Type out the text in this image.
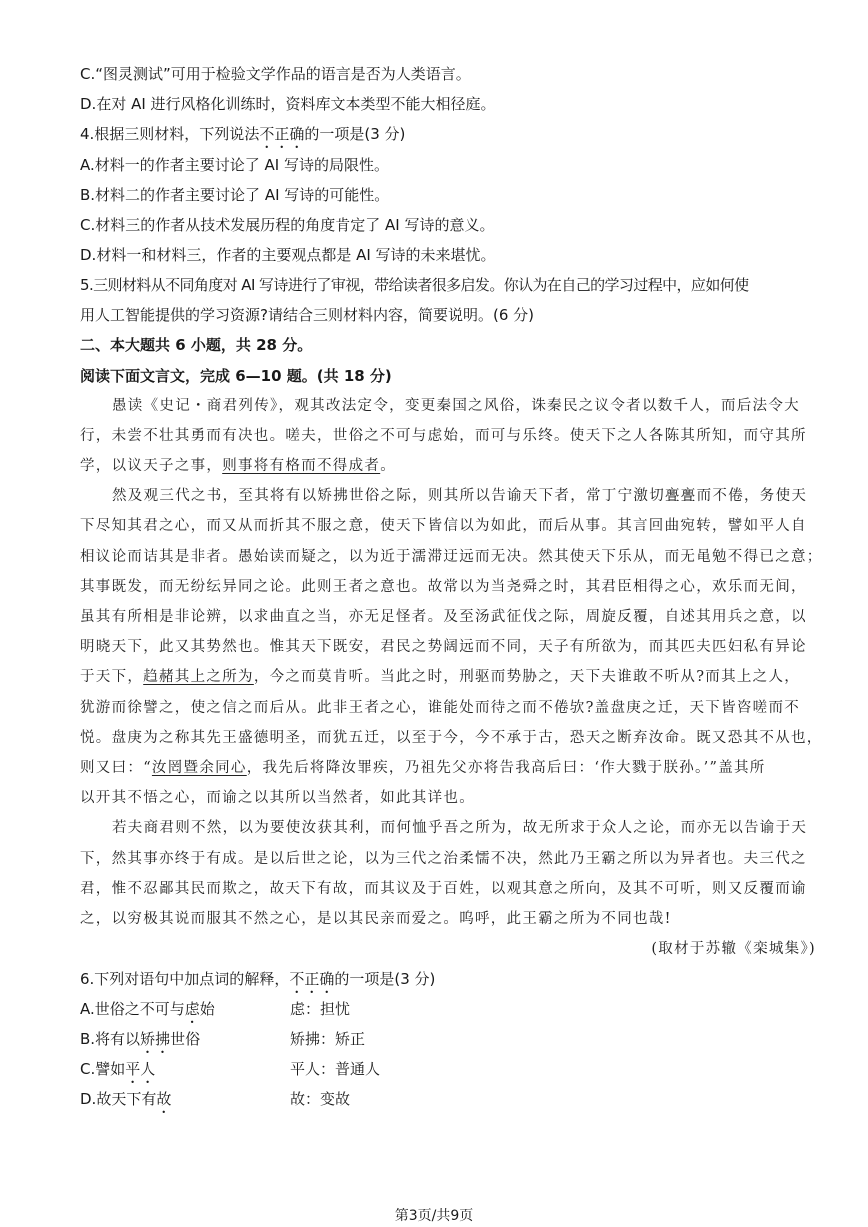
C.“图灵测试”可用于检验文学作品的语言是否为人类语言。
D.在对 AI 进行风格化训练时，资料库文本类型不能大相径庭。
4.根据三则材料，下列说法不正确的一项是(3 分)
A.材料一的作者主要讨论了 AI 写诗的局限性。
B.材料二的作者主要讨论了 AI 写诗的可能性。
C.材料三的作者从技术发展历程的角度肯定了 AI 写诗的意义。
D.材料一和材料三，作者的主要观点都是 AI 写诗的未来堪忧。
5.三则材料从不同角度对 AI 写诗进行了审视，带给读者很多启发。你认为在自己的学习过程中，应如何使
用人工智能提供的学习资源?请结合三则材料内容，简要说明。(6 分)
二、本大题共 6 小题，共 28 分。
阅读下面文言文，完成 6—10 题。(共 18 分)
愚读《史记・商君列传》，观其改法定令，变更秦国之风俗，诛秦民之议令者以数千人，而后法令大
行，未尝不壮其勇而有决也。嗟夫，世俗之不可与虑始，而可与乐终。使天下之人各陈其所知，而守其所
学，以议天子之事，则事将有格而不得成者。
然及观三代之书，至其将有以矫拂世俗之际，则其所以告谕天下者，常丁宁激切亹亹而不倦，务使天
下尽知其君之心，而又从而折其不服之意，使天下皆信以为如此，而后从事。其言回曲宛转，譬如平人自
相议论而诘其是非者。愚始读而疑之，以为近于濡滞迂远而无决。然其使天下乐从，而无黾勉不得已之意；
其事既发，而无纷纭异同之论。此则王者之意也。故常以为当尧舜之时，其君臣相得之心，欢乐而无间，
虽其有所相是非论辨，以求曲直之当，亦无足怪者。及至汤武征伐之际，周旋反覆，自述其用兵之意，以
明晓天下，此又其势然也。惟其天下既安，君民之势阔远而不同，天子有所欲为，而其匹夫匹妇私有异论
于天下，趋赭其上之所为，今之而莫肯听。当此之时，刑驱而势胁之，天下夫谁敢不听从?而其上之人，
犹游而徐譬之，使之信之而后从。此非王者之心，谁能处而待之而不倦欤?盖盘庚之迁，天下皆咨嗟而不
悦。盘庚为之称其先王盛德明圣，而犹五迁，以至于今，今不承于古，恐天之断弃汝命。既又恐其不从也，
则又曰：“汝罔暨余同心，我先后将降汝罪疾，乃祖先父亦将告我高后曰：‘作大戮于朕孙。’”盖其所
以开其不悟之心，而谕之以其所以当然者，如此其详也。
若夫商君则不然，以为要使汝获其利，而何恤乎吾之所为，故无所求于众人之论，而亦无以告谕于天
下，然其事亦终于有成。是以后世之论，以为三代之治柔懦不决，然此乃王霸之所以为异者也。夫三代之
君，惟不忍鄙其民而欺之，故天下有故，而其议及于百姓，以观其意之所向，及其不可听，则又反覆而谕
之，以穷极其说而服其不然之心，是以其民亲而爱之。呜呼，此王霸之所为不同也哉!
(取材于苏辙《栾城集》)
6.下列对语句中加点词的解释，不正确的一项是(3 分)
A.世俗之不可与虑始	虑：担忧
B.将有以矫拂世俗	矫拂：矫正
C.譬如平人	平人：普通人
D.故天下有故	故：变故
第3页/共9页
